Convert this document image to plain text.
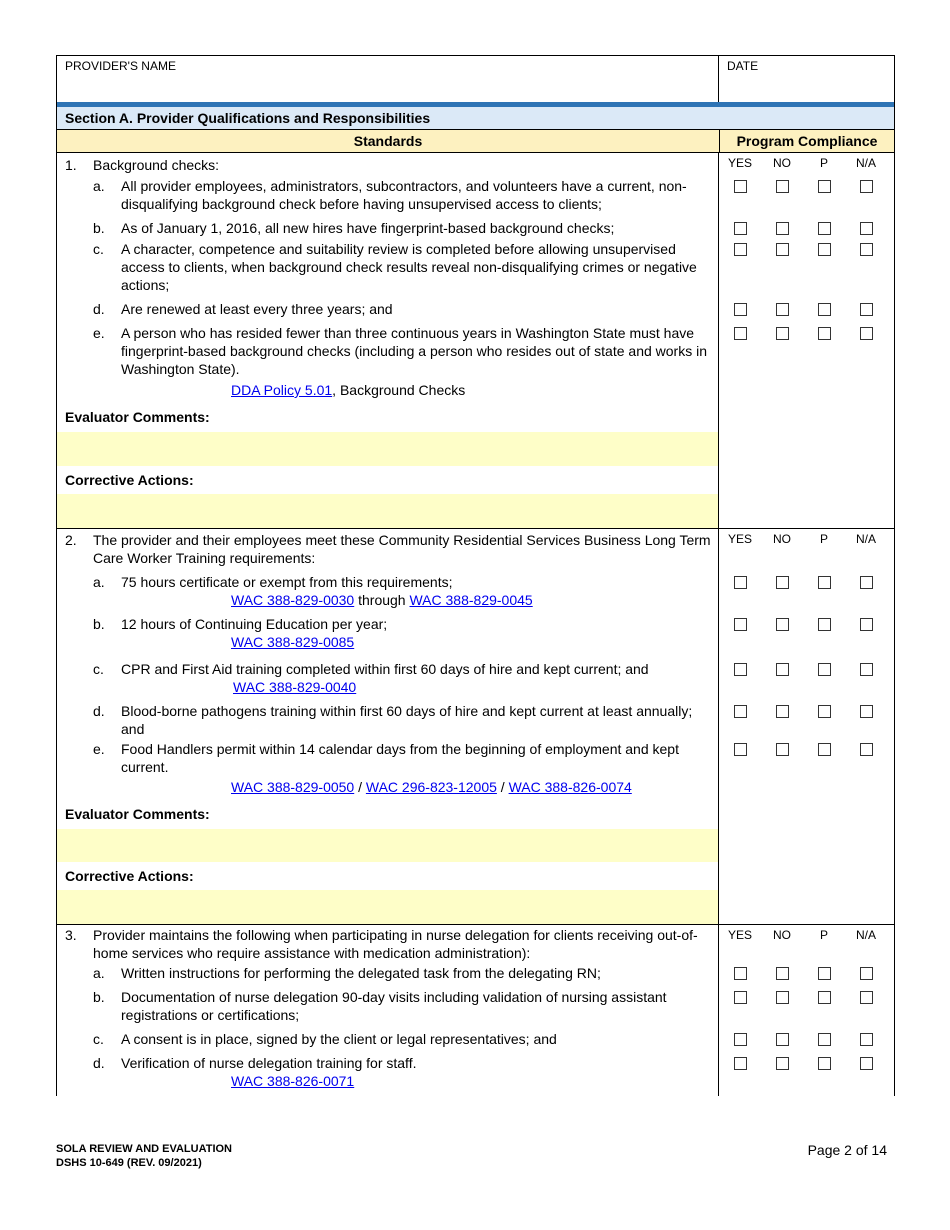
PROVIDER'S NAME	DATE
Section A. Provider Qualifications and Responsibilities
Standards	Program Compliance
1.	Background checks:	YES	NO	P	N/A
a.	All provider employees, administrators, subcontractors, and volunteers have a current, non-disqualifying background check before having unsupervised access to clients;
b.	As of January 1, 2016, all new hires have fingerprint-based background checks;
c.	A character, competence and suitability review is completed before allowing unsupervised access to clients, when background check results reveal non-disqualifying crimes or negative actions;
d.	Are renewed at least every three years; and
e.	A person who has resided fewer than three continuous years in Washington State must have fingerprint-based background checks (including a person who resides out of state and works in Washington State).
DDA Policy 5.01, Background Checks
Evaluator Comments:
Corrective Actions:
2.	The provider and their employees meet these Community Residential Services Business Long Term Care Worker Training requirements:
YES	NO	P	N/A
a.	75 hours certificate or exempt from this requirements;
WAC 388-829-0030 through WAC 388-829-0045
b.	12 hours of Continuing Education per year;
WAC 388-829-0085
c.	CPR and First Aid training completed within first 60 days of hire and kept current; and
WAC 388-829-0040
d.	Blood-borne pathogens training within first 60 days of hire and kept current at least annually; and
e.	Food Handlers permit within 14 calendar days from the beginning of employment and kept current.
WAC 388-829-0050 / WAC 296-823-12005 / WAC 388-826-0074
Evaluator Comments:
Corrective Actions:
3.	Provider maintains the following when participating in nurse delegation for clients receiving out-of-home services who require assistance with medication administration):
YES	NO	P	N/A
a.	Written instructions for performing the delegated task from the delegating RN;
b.	Documentation of nurse delegation 90-day visits including validation of nursing assistant registrations or certifications;
c.	A consent is in place, signed by the client or legal representatives; and
d.	Verification of nurse delegation training for staff.
WAC 388-826-0071
SOLA REVIEW AND EVALUATION
DSHS 10-649 (REV. 09/2021)
Page 2 of 14
